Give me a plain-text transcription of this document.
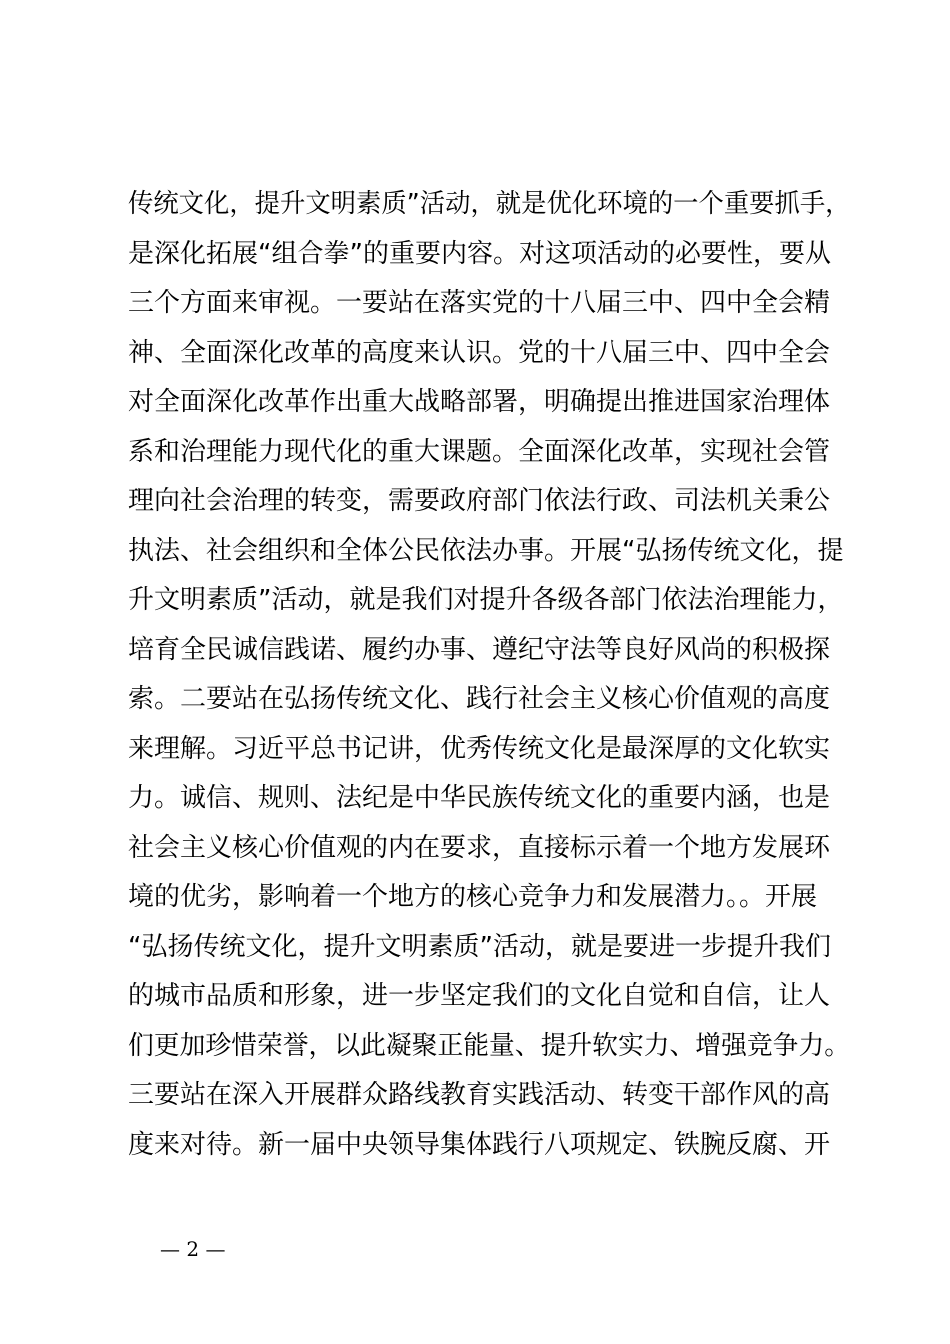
传统文化，提升文明素质”活动，就是优化环境的一个重要抓手，
是深化拓展“组合拳”的重要内容。对这项活动的必要性，要从
三个方面来审视。一要站在落实党的十八届三中、四中全会精
神、全面深化改革的高度来认识。党的十八届三中、四中全会
对全面深化改革作出重大战略部署，明确提出推进国家治理体
系和治理能力现代化的重大课题。全面深化改革，实现社会管
理向社会治理的转变，需要政府部门依法行政、司法机关秉公
执法、社会组织和全体公民依法办事。开展“弘扬传统文化，提
升文明素质”活动，就是我们对提升各级各部门依法治理能力，
培育全民诚信践诺、履约办事、遵纪守法等良好风尚的积极探
索。二要站在弘扬传统文化、践行社会主义核心价值观的高度
来理解。习近平总书记讲，优秀传统文化是最深厚的文化软实
力。诚信、规则、法纪是中华民族传统文化的重要内涵，也是
社会主义核心价值观的内在要求，直接标示着一个地方发展环
境的优劣，影响着一个地方的核心竞争力和发展潜力。。开展
“弘扬传统文化，提升文明素质”活动，就是要进一步提升我们
的城市品质和形象，进一步坚定我们的文化自觉和自信，让人
们更加珍惜荣誉，以此凝聚正能量、提升软实力、增强竞争力。
三要站在深入开展群众路线教育实践活动、转变干部作风的高
度来对待。新一届中央领导集体践行八项规定、铁腕反腐、开
— 2 —
